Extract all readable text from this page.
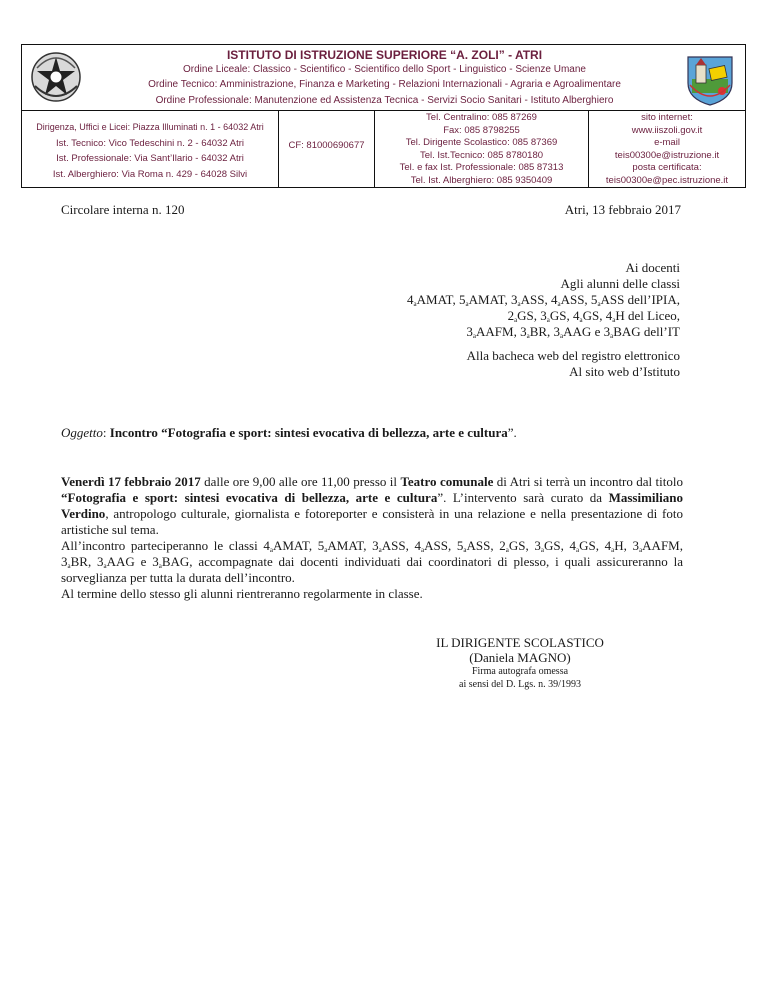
ISTITUTO DI ISTRUZIONE SUPERIORE “A. ZOLI” - ATRI
Ordine Liceale: Classico - Scientifico - Scientifico dello Sport - Linguistico - Scienze Umane
Ordine Tecnico: Amministrazione, Finanza e Marketing - Relazioni Internazionali - Agraria e Agroalimentare
Ordine Professionale: Manutenzione ed Assistenza Tecnica - Servizi Socio Sanitari - Istituto Alberghiero
Dirigenza, Uffici e Licei: Piazza Illuminati n. 1 - 64032 Atri
Ist. Tecnico: Vico Tedeschini n. 2 - 64032 Atri
Ist. Professionale: Via Sant’Ilario - 64032 Atri
Ist. Alberghiero: Via Roma n. 429 - 64028 Silvi
CF: 81000690677
Tel. Centralino: 085 87269
Fax: 085 8798255
Tel. Dirigente Scolastico: 085 87369
Tel. Ist.Tecnico: 085 8780180
Tel. e fax Ist. Professionale: 085 87313
Tel. Ist. Alberghiero: 085 9350409
sito internet:
www.iiszoli.gov.it
e-mail
teis00300e@istruzione.it
posta certificata:
teis00300e@pec.istruzione.it
Circolare interna n. 120	Atri, 13 febbraio 2017
Ai docenti
Agli alunni delle classi
4$^a$AMAT, 5$^a$AMAT, 3$^a$ASS, 4$^a$ASS, 5$^a$ASS dell’IPIA,
2$^a$GS, 3$^a$GS, 4$^a$GS, 4$^a$H del Liceo,
3$^a$AAFM, 3$^a$BR, 3$^a$AAG e 3$^a$BAG dell’IT
Alla bacheca web del registro elettronico
Al sito web d’Istituto
Oggetto: Incontro “Fotografia e sport: sintesi evocativa di bellezza, arte e cultura”.

Venerdì 17 febbraio 2017 dalle ore 9,00 alle ore 11,00 presso il Teatro comunale di Atri si terrà un incontro dal titolo “Fotografia e sport: sintesi evocativa di bellezza, arte e cultura”. L’intervento sarà curato da Massimiliano Verdino, antropologo culturale, giornalista e fotoreporter e consisterà in una relazione e nella presentazione di foto artistiche sul tema.

All’incontro parteciperanno le classi 4$^a$AMAT, 5$^a$AMAT, 3$^a$ASS, 4$^a$ASS, 5$^a$ASS, 2$^a$GS, 3$^a$GS, 4$^a$GS, 4$^a$H, 3$^a$AAFM, 3$^a$BR, 3$^a$AAG e 3$^a$BAG, accompagnate dai docenti individuati dai coordinatori di plesso, i quali assicureranno la sorveglianza per tutta la durata dell’incontro.

Al termine dello stesso gli alunni rientreranno regolarmente in classe.

IL DIRIGENTE SCOLASTICO
(Daniela MAGNO)
Firma autografa omessa
ai sensi del D. Lgs. n. 39/1993
